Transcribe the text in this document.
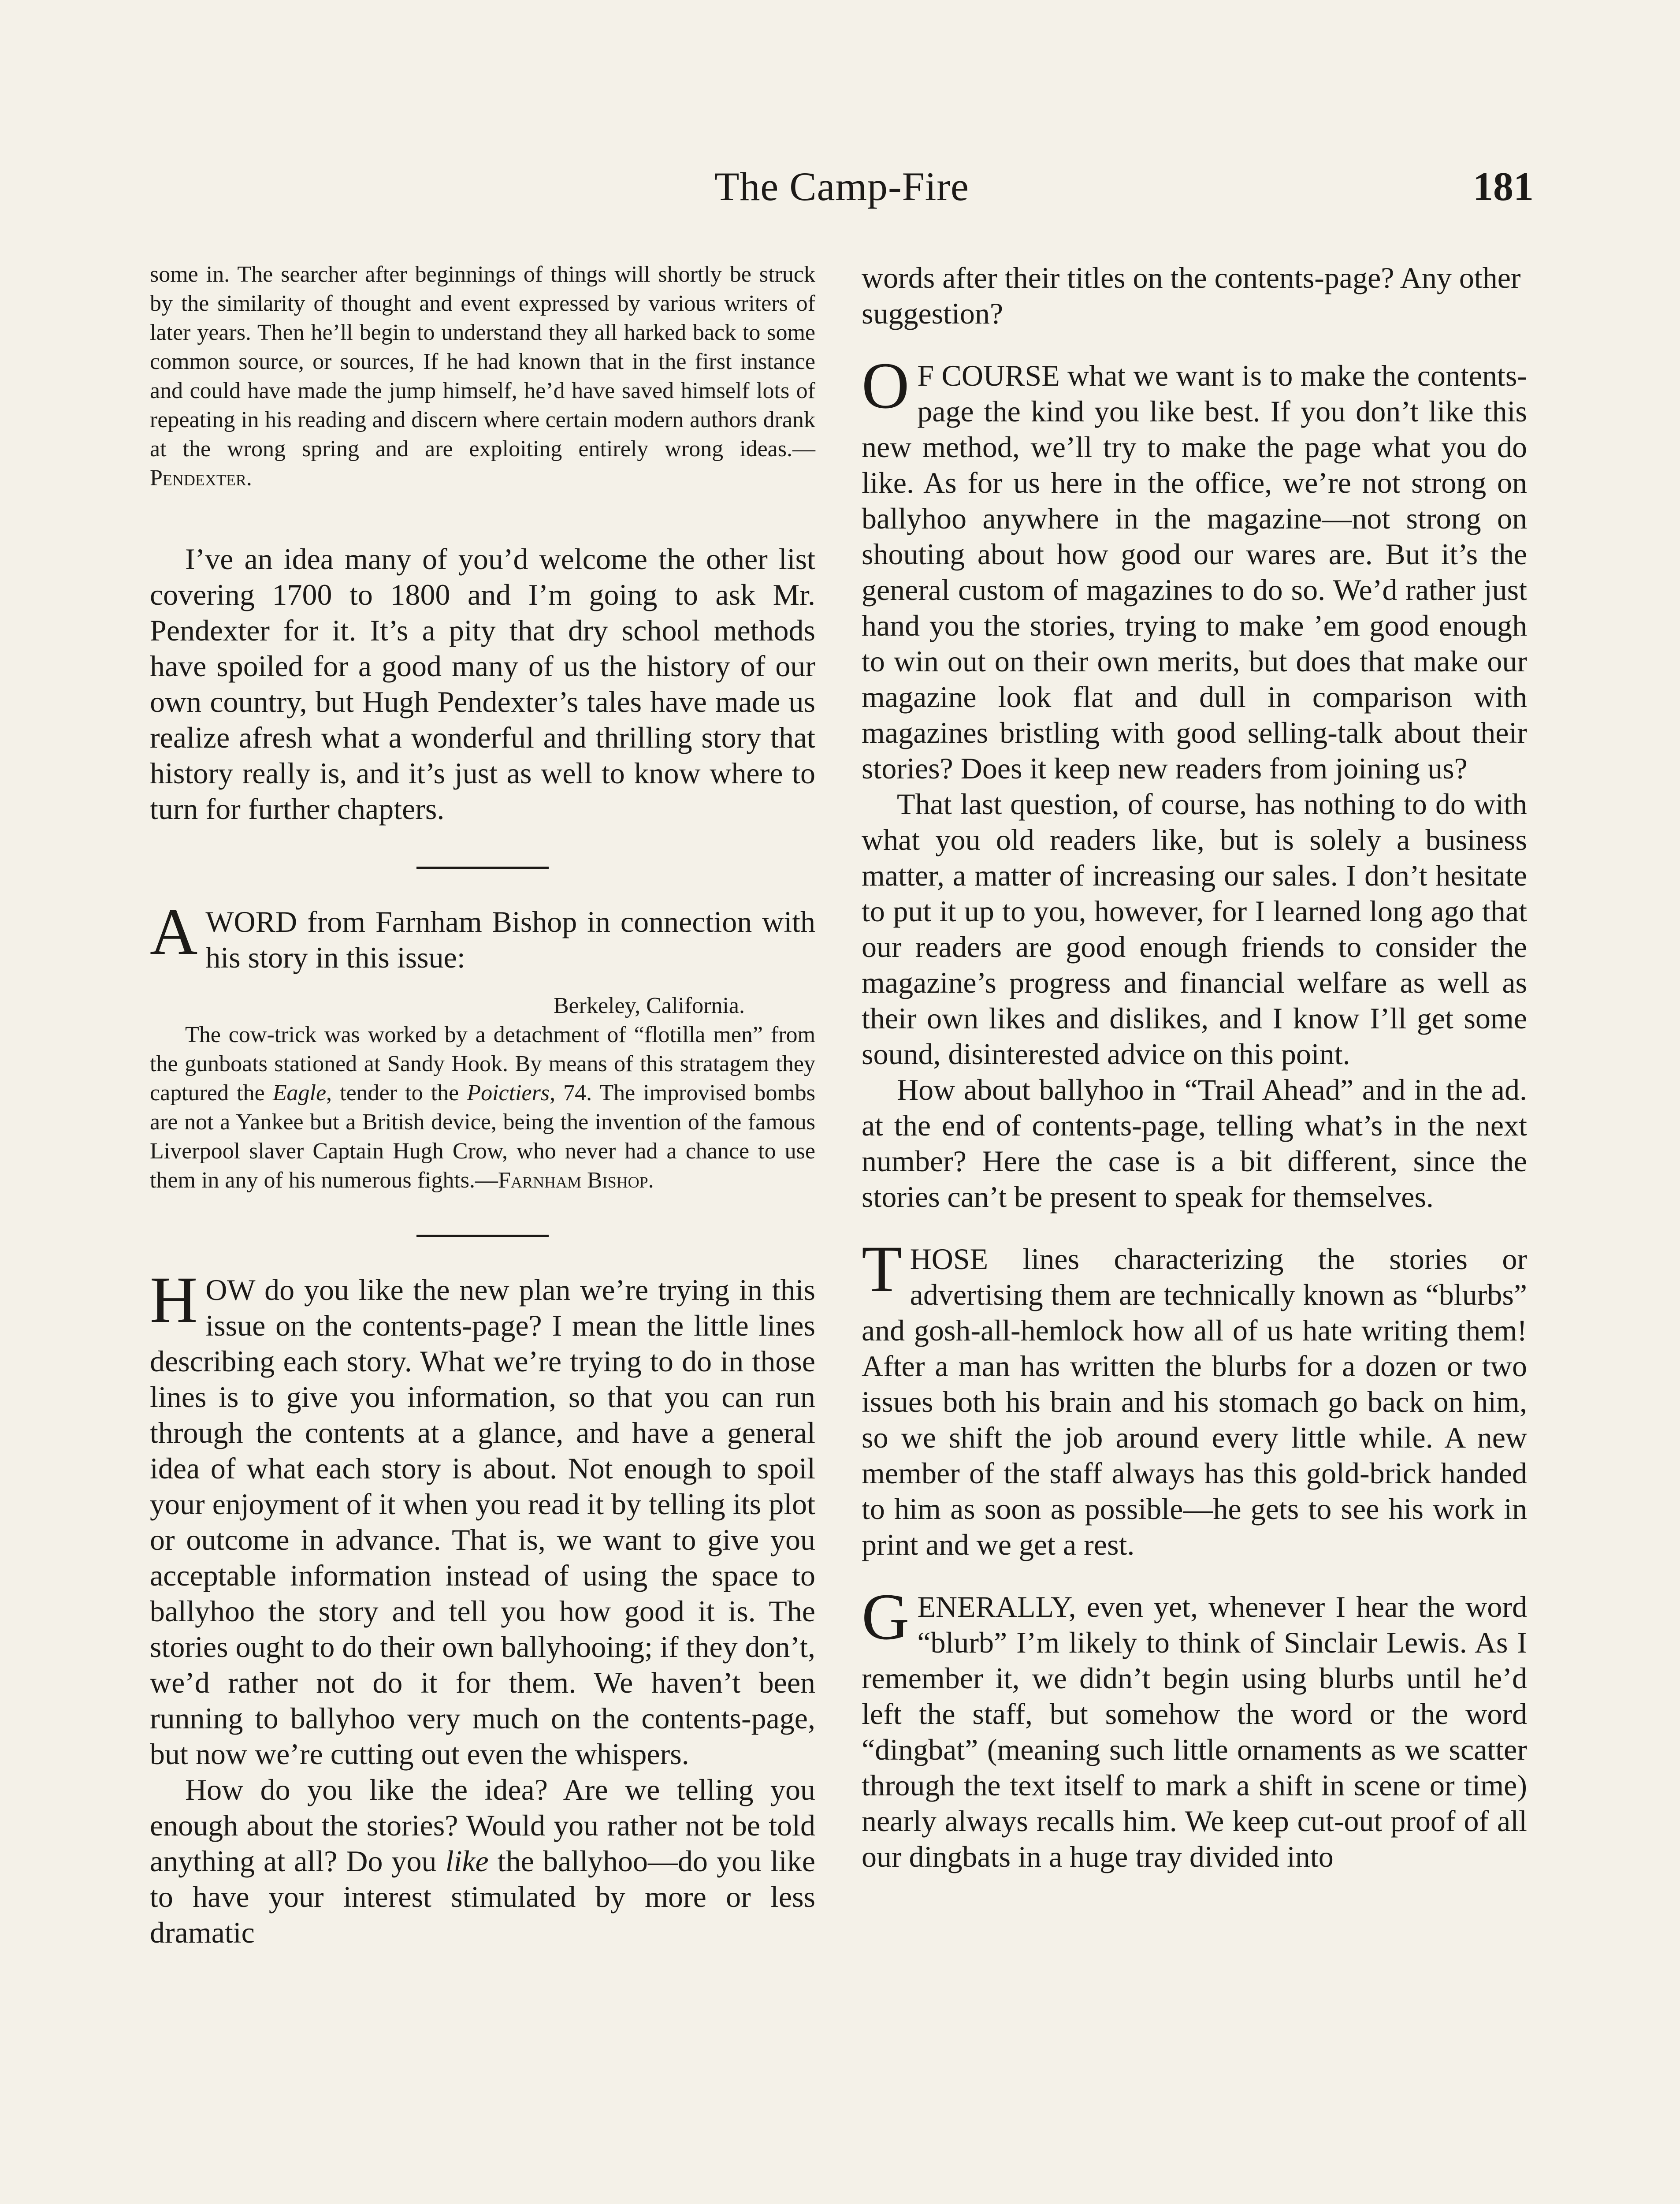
The Camp-Fire	181

some in. The searcher after beginnings of things will shortly be struck by the similarity of thought and event expressed by various writers of later years. Then he’ll begin to understand they all harked back to some common source, or sources, If he had known that in the first instance and could have made the jump himself, he’d have saved himself lots of repeating in his reading and discern where certain modern authors drank at the wrong spring and are exploiting entirely wrong ideas.—Pendexter.

I’ve an idea many of you’d welcome the other list covering 1700 to 1800 and I’m going to ask Mr. Pendexter for it. It’s a pity that dry school methods have spoiled for a good many of us the history of our own country, but Hugh Pendexter’s tales have made us realize afresh what a wonderful and thrilling story that history really is, and it’s just as well to know where to turn for further chapters.

AWORD from Farnham Bishop in connection with his story in this issue:

Berkeley, California.

The cow-trick was worked by a detachment of “flotilla men” from the gunboats stationed at Sandy Hook. By means of this stratagem they captured the Eagle, tender to the Poictiers, 74. The improvised bombs are not a Yankee but a British device, being the invention of the famous Liverpool slaver Captain Hugh Crow, who never had a chance to use them in any of his numerous fights.—Farnham Bishop.

HOW do you like the new plan we’re trying in this issue on the contents-page? I mean the little lines describing each story. What we’re trying to do in those lines is to give you information, so that you can run through the contents at a glance, and have a general idea of what each story is about. Not enough to spoil your enjoyment of it when you read it by telling its plot or outcome in advance. That is, we want to give you acceptable information instead of using the space to ballyhoo the story and tell you how good it is. The stories ought to do their own ballyhooing; if they don’t, we’d rather not do it for them. We haven’t been running to ballyhoo very much on the contents-page, but now we’re cutting out even the whispers.

How do you like the idea? Are we telling you enough about the stories? Would you rather not be told anything at all? Do you like the ballyhoo—do you like to have your interest stimulated by more or less dramatic

words after their titles on the contents-page? Any other suggestion?

O F COURSE what we want is to make the contents-page the kind you like best. If you don’t like this new method, we’ll try to make the page what you do like. As for us here in the office, we’re not strong on ballyhoo anywhere in the magazine—not strong on shouting about how good our wares are. But it’s the general custom of magazines to do so. We’d rather just hand you the stories, trying to make ’em good enough to win out on their own merits, but does that make our magazine look flat and dull in comparison with magazines bristling with good selling-talk about their stories? Does it keep new readers from joining us?

That last question, of course, has nothing to do with what you old readers like, but is solely a business matter, a matter of increasing our sales. I don’t hesitate to put it up to you, however, for I learned long ago that our readers are good enough friends to consider the magazine’s progress and financial welfare as well as their own likes and dislikes, and I know I’ll get some sound, disinterested advice on this point.

How about ballyhoo in “Trail Ahead” and in the ad. at the end of contents-page, telling what’s in the next number? Here the case is a bit different, since the stories can’t be present to speak for themselves.

THOSE lines characterizing the stories or advertising them are technically known as “blurbs” and gosh-all-hemlock how all of us hate writing them! After a man has written the blurbs for a dozen or two issues both his brain and his stomach go back on him, so we shift the job around every little while. A new member of the staff always has this gold-brick handed to him as soon as possible—he gets to see his work in print and we get a rest.

GENERALLY, even yet, whenever I hear the word “blurb” I’m likely to think of Sinclair Lewis. As I remember it, we didn’t begin using blurbs until he’d left the staff, but somehow the word or the word “dingbat” (meaning such little ornaments as we scatter through the text itself to mark a shift in scene or time) nearly always recalls him. We keep cut-out proof of all our dingbats in a huge tray divided into
